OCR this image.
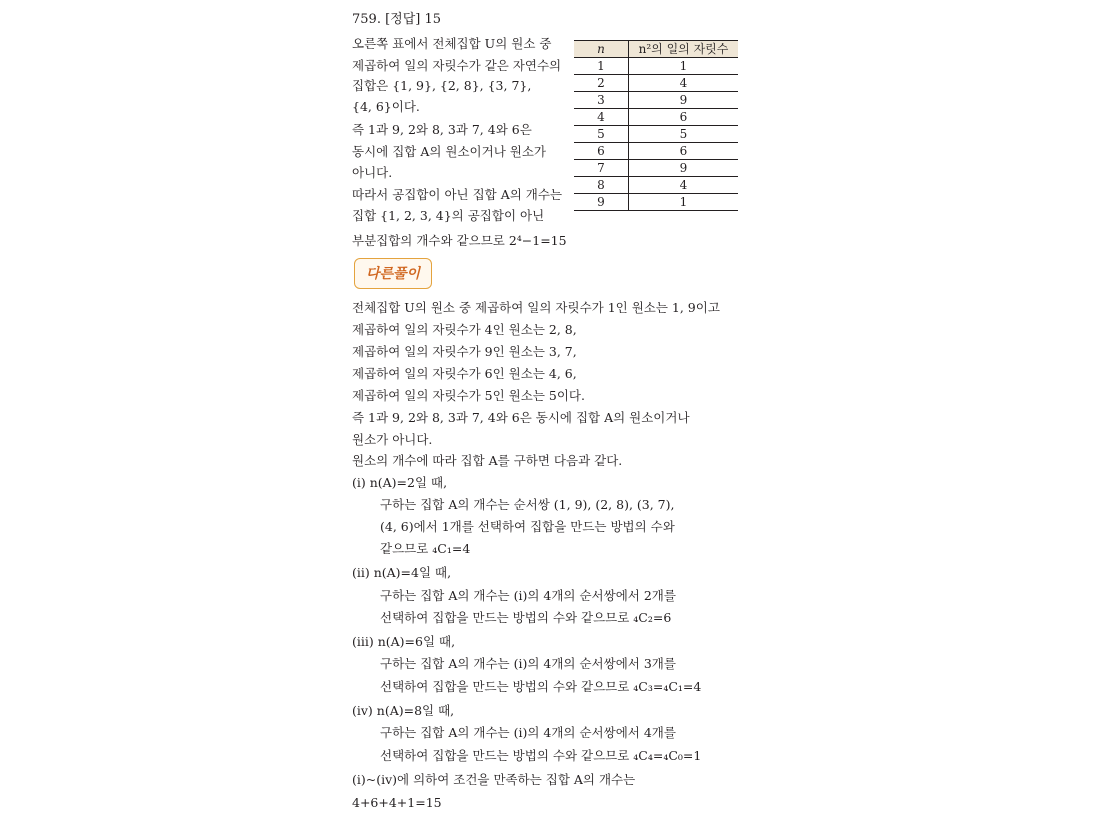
759. [정답] 15
오른쪽 표에서 전체집합 U의 원소 중
제곱하여 일의 자릿수가 같은 자연수의
집합은 {1, 9}, {2, 8}, {3, 7},
{4, 6}이다.
즉 1과 9, 2와 8, 3과 7, 4와 6은
동시에 집합 A의 원소이거나 원소가
아니다.
따라서 공집합이 아닌 집합 A의 개수는
집합 {1, 2, 3, 4}의 공집합이 아닌
부분집합의 개수와 같으므로 2⁴−1=15
n	n²의 일의 자릿수
1	1
2	4
3	9
4	6
5	5
6	6
7	9
8	4
9	1
다른풀이
전체집합 U의 원소 중 제곱하여 일의 자릿수가 1인 원소는 1, 9이고
제곱하여 일의 자릿수가 4인 원소는 2, 8,
제곱하여 일의 자릿수가 9인 원소는 3, 7,
제곱하여 일의 자릿수가 6인 원소는 4, 6,
제곱하여 일의 자릿수가 5인 원소는 5이다.
즉 1과 9, 2와 8, 3과 7, 4와 6은 동시에 집합 A의 원소이거나
원소가 아니다.
원소의 개수에 따라 집합 A를 구하면 다음과 같다.
(ⅰ) n(A)=2일 때,
구하는 집합 A의 개수는 순서쌍 (1, 9), (2, 8), (3, 7),
(4, 6)에서 1개를 선택하여 집합을 만드는 방법의 수와
같으므로 ₄C₁=4
(ⅱ) n(A)=4일 때,
구하는 집합 A의 개수는 (ⅰ)의 4개의 순서쌍에서 2개를
선택하여 집합을 만드는 방법의 수와 같으므로 ₄C₂=6
(ⅲ) n(A)=6일 때,
구하는 집합 A의 개수는 (ⅰ)의 4개의 순서쌍에서 3개를
선택하여 집합을 만드는 방법의 수와 같으므로 ₄C₃=₄C₁=4
(ⅳ) n(A)=8일 때,
구하는 집합 A의 개수는 (ⅰ)의 4개의 순서쌍에서 4개를
선택하여 집합을 만드는 방법의 수와 같으므로 ₄C₄=₄C₀=1
(ⅰ)~(ⅳ)에 의하여 조건을 만족하는 집합 A의 개수는
4+6+4+1=15
